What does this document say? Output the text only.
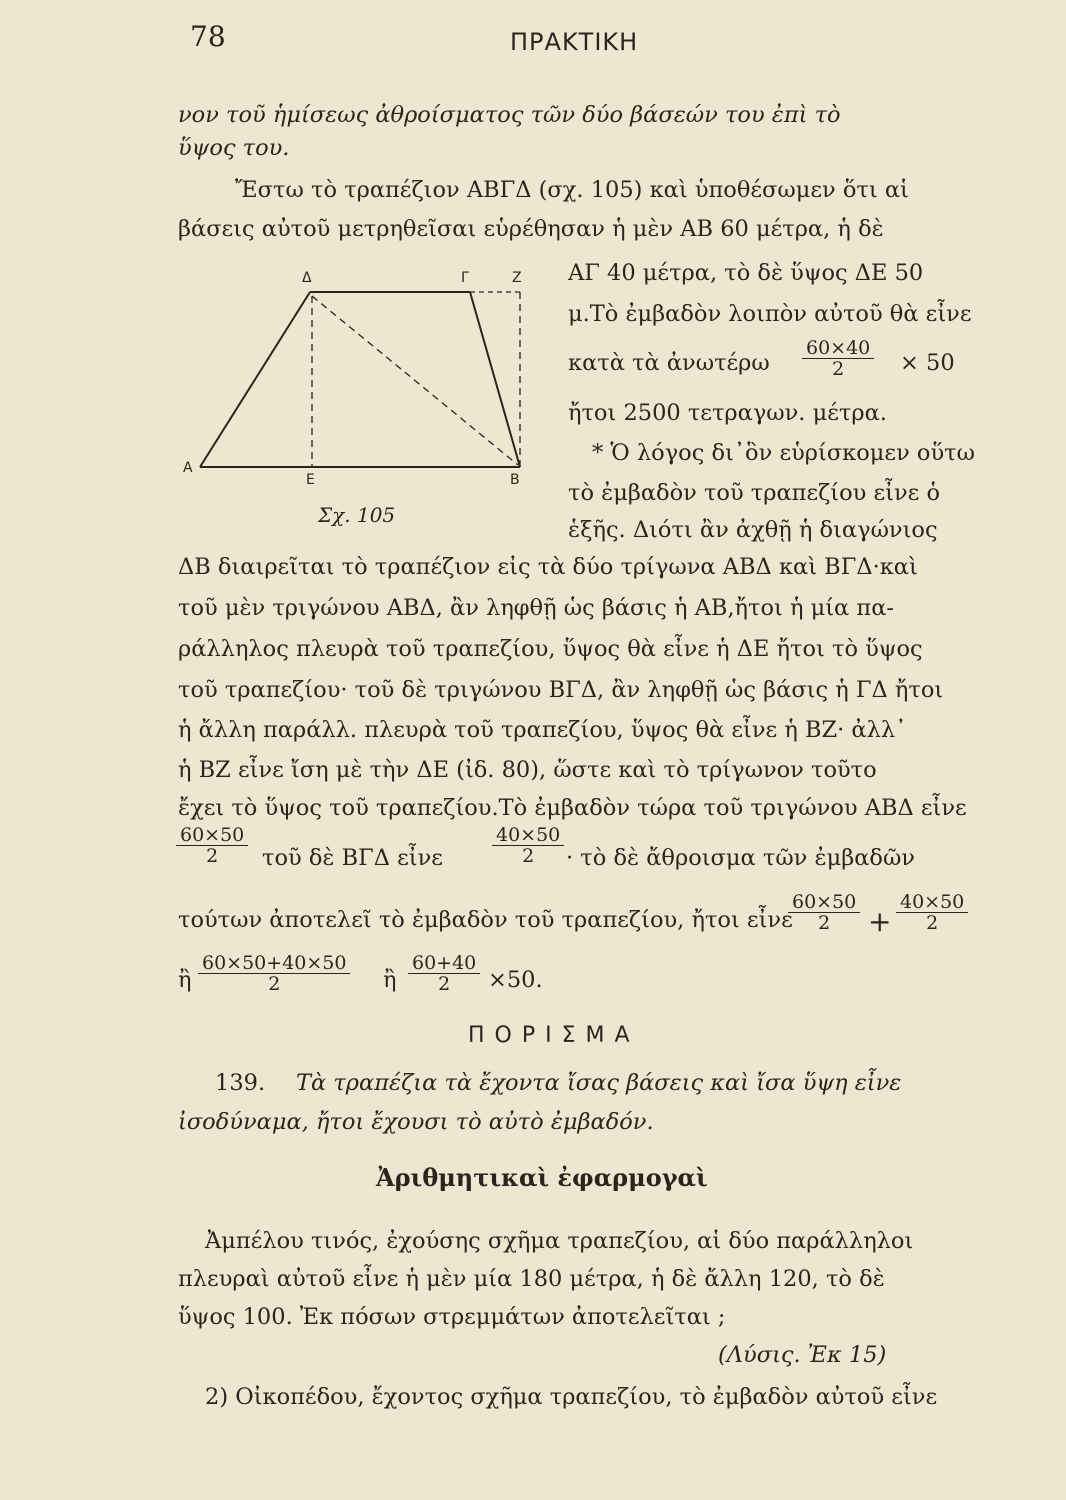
78	ΠΡΑΚΤΙΚΗ
νον τοῦ ἡμίσεως ἀθροίσματος τῶν δύο βάσεών του ἐπὶ τὸ
ὕψος του.
Ἔστω τὸ τραπέζιον ΑΒΓΔ (σχ. 105) καὶ ὑποθέσωμεν ὅτι αἱ
βάσεις αὐτοῦ μετρηθεῖσαι εὑρέθησαν ἡ μὲν ΑΒ 60 μέτρα, ἡ δὲ
Δ	Γ	Ζ
Α
Ε	Β
Σχ. 105
ΑΓ 40 μέτρα, τὸ δὲ ὕψος ΔΕ 50
μ.Τὸ ἐμβαδὸν λοιπὸν αὐτοῦ θὰ εἶνε
κατὰ τὰ ἀνωτέρω $\frac{60\times 40}{2} \times 50$
ἤτοι 2500 τετραγων. μέτρα.
* Ὁ λόγος δι᾽ὃν εὑρίσκομεν οὕτω
τὸ ἐμβαδὸν τοῦ τραπεζίου εἶνε ὁ
ἑξῆς. Διότι ἂν ἀχθῇ ἡ διαγώνιος
ΔΒ διαιρεῖται τὸ τραπέζιον εἰς τὰ δύο τρίγωνα ΑΒΔ καὶ ΒΓΔ·καὶ
τοῦ μὲν τριγώνου ΑΒΔ, ἂν ληφθῇ ὡς βάσις ἡ ΑΒ,ἤτοι ἡ μία πα-
ράλληλος πλευρὰ τοῦ τραπεζίου, ὕψος θὰ εἶνε ἡ ΔΕ ἤτοι τὸ ὕψος
τοῦ τραπεζίου· τοῦ δὲ τριγώνου ΒΓΔ, ἂν ληφθῇ ὡς βάσις ἡ ΓΔ ἤτοι
ἡ ἄλλη παράλλ. πλευρὰ τοῦ τραπεζίου, ὕψος θὰ εἶνε ἡ ΒΖ· ἀλλ᾽
ἡ ΒΖ εἶνε ἴση μὲ τὴν ΔΕ (ἰδ. 80), ὥστε καὶ τὸ τρίγωνον τοῦτο
ἔχει τὸ ὕψος τοῦ τραπεζίου.Τὸ ἐμβαδὸν τώρα τοῦ τριγώνου ΑΒΔ εἶνε
$\frac{60\times 50}{2}$ τοῦ δὲ ΒΓΔ εἶνε	$\frac{40\times 50}{2}$ · τὸ δὲ ἄθροισμα τῶν ἐμβαδῶν
τούτων ἀποτελεῖ τὸ ἐμβαδὸν τοῦ τραπεζίου, ἤτοι εἶνε
$\frac{60\times 50}{2} + \frac{40\times 50}{2}$
ἢ $\frac{60\times 50+40\times 50}{2}$ ἢ $\frac{60+40}{2} \times 50$.
ΠΟΡΙΣΜΑ
139. Τὰ τραπέζια τὰ ἔχοντα ἴσας βάσεις καὶ ἴσα ὕψη εἶνε
ἰσοδύναμα, ἤτοι ἔχουσι τὸ αὐτὸ ἐμβαδόν.
Ἀριθμητικαὶ ἐφαρμογαὶ
Ἀμπέλου τινός, ἐχούσης σχῆμα τραπεζίου, αἱ δύο παράλληλοι
πλευραὶ αὐτοῦ εἶνε ἡ μὲν μία 180 μέτρα, ἡ δὲ ἄλλη 120, τὸ δὲ
ὕψος 100. Ἐκ πόσων στρεμμάτων ἀποτελεῖται ;
(Λύσις. Ἐκ 15)
2) Οἰκοπέδου, ἔχοντος σχῆμα τραπεζίου, τὸ ἐμβαδὸν αὐτοῦ εἶνε
